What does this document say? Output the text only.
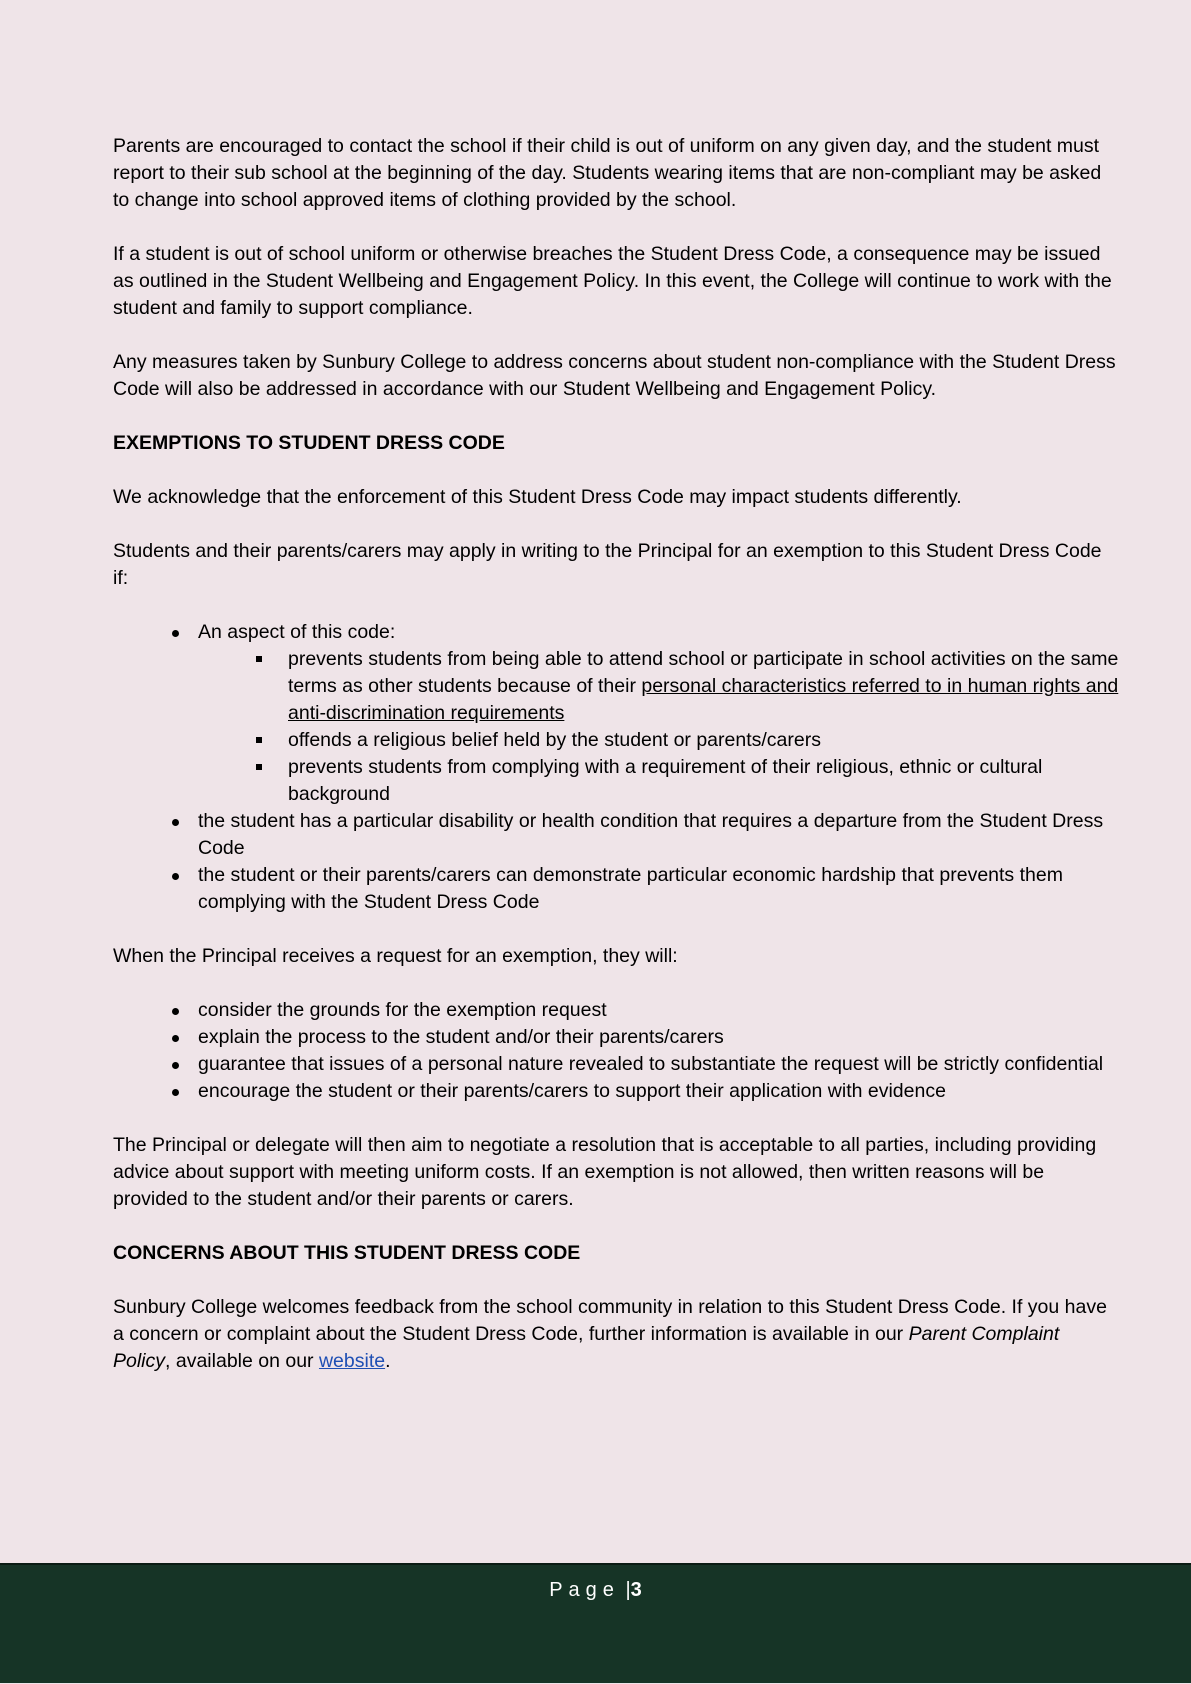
Parents are encouraged to contact the school if their child is out of uniform on any given day, and the student must report to their sub school at the beginning of the day. Students wearing items that are non-compliant may be asked to change into school approved items of clothing provided by the school.

If a student is out of school uniform or otherwise breaches the Student Dress Code, a consequence may be issued as outlined in the Student Wellbeing and Engagement Policy. In this event, the College will continue to work with the student and family to support compliance.

Any measures taken by Sunbury College to address concerns about student non-compliance with the Student Dress Code will also be addressed in accordance with our Student Wellbeing and Engagement Policy.

EXEMPTIONS TO STUDENT DRESS CODE

We acknowledge that the enforcement of this Student Dress Code may impact students differently.

Students and their parents/carers may apply in writing to the Principal for an exemption to this Student Dress Code if:

An aspect of this code:
prevents students from being able to attend school or participate in school activities on the same terms as other students because of their personal characteristics referred to in human rights and anti-discrimination requirements
offends a religious belief held by the student or parents/carers
prevents students from complying with a requirement of their religious, ethnic or cultural background
the student has a particular disability or health condition that requires a departure from the Student Dress Code
the student or their parents/carers can demonstrate particular economic hardship that prevents them complying with the Student Dress Code

When the Principal receives a request for an exemption, they will:

consider the grounds for the exemption request
explain the process to the student and/or their parents/carers
guarantee that issues of a personal nature revealed to substantiate the request will be strictly confidential
encourage the student or their parents/carers to support their application with evidence

The Principal or delegate will then aim to negotiate a resolution that is acceptable to all parties, including providing advice about support with meeting uniform costs. If an exemption is not allowed, then written reasons will be provided to the student and/or their parents or carers.

CONCERNS ABOUT THIS STUDENT DRESS CODE

Sunbury College welcomes feedback from the school community in relation to this Student Dress Code. If you have a concern or complaint about the Student Dress Code, further information is available in our Parent Complaint Policy, available on our website.

Page |3
